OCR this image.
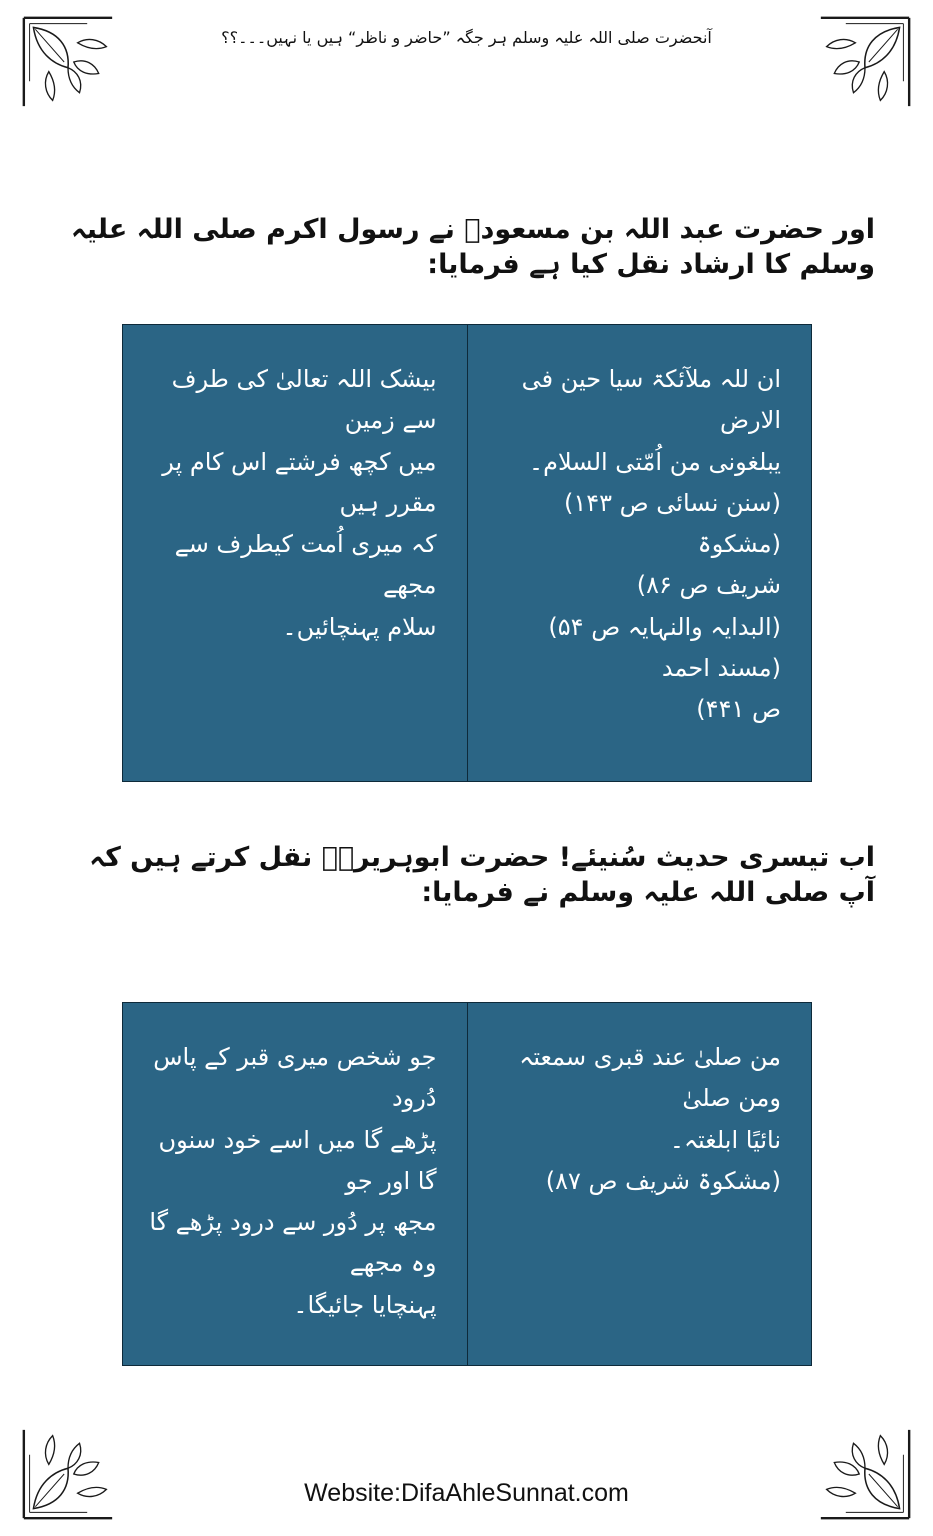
آنحضرت صلی اللہ علیہ وسلم ہر جگہ ”حاضر و ناظر“ ہیں یا نہیں۔۔۔؟؟
اور حضرت عبد اللہ بن مسعودؓ نے رسول اکرم صلی اللہ علیہ وسلم کا ارشاد نقل کیا ہے فرمایا:

ان للہ ملآئکۃ سیا حین فی الارض

یبلغونی من اُمّتی السلام۔

(سنن نسائی ص ۱۴۳)(مشکوۃ

شریف ص ۸۶)

(البدایہ والنہایہ ص ۵۴)(مسند احمد

ص ۴۴۱)

بیشک اللہ تعالیٰ کی طرف سے زمین

میں کچھ فرشتے اس کام پر مقرر ہیں

کہ میری اُمت کیطرف سے مجھے

سلام پہنچائیں۔

اب تیسری حدیث سُنیئے! حضرت ابوہریرہؓ نقل کرتے ہیں کہ آپ صلی اللہ علیہ وسلم نے فرمایا:

من صلیٰ عند قبری سمعتہ ومن صلیٰ

نائیًا ابلغتہ۔

(مشکوۃ شریف ص ۸۷)

جو شخص میری قبر کے پاس دُرود

پڑھے گا میں اسے خود سنوں گا اور جو

مجھ پر دُور سے درود پڑھے گا وہ مجھے

پہنچایا جائیگا۔

Website:DifaAhleSunnat.com
